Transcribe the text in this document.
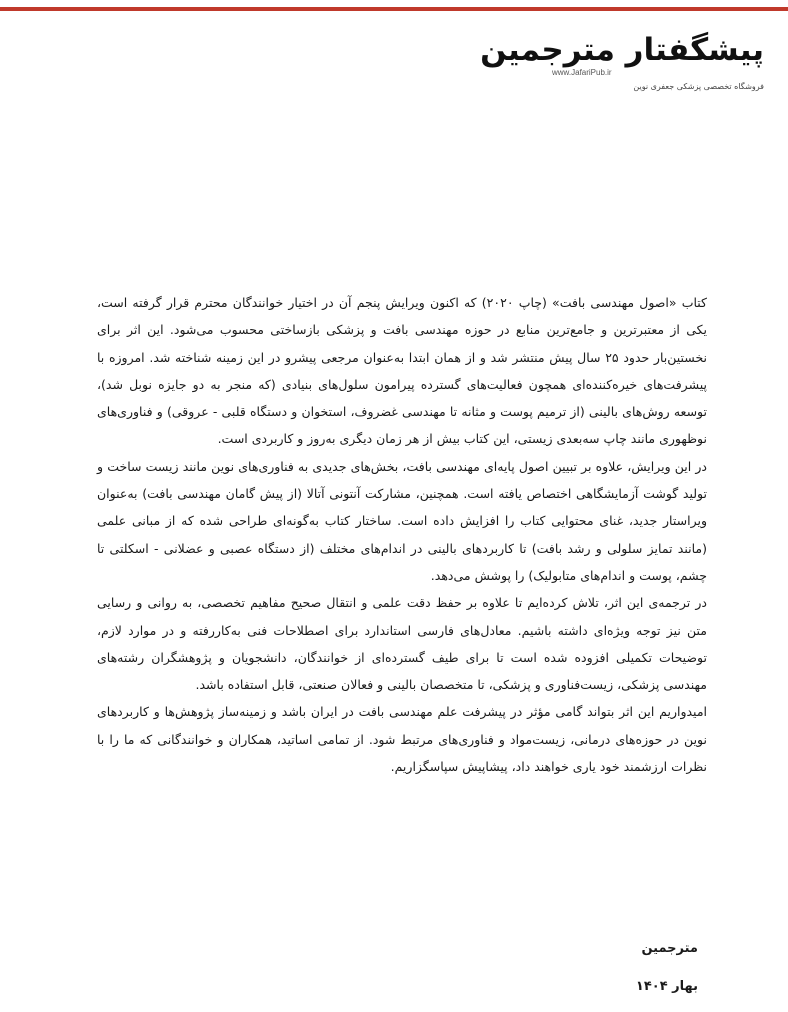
پیشگفتار مترجمین
www.JafariPub.ir
فروشگاه تخصصی پزشکی جعفری نوین

کتاب «اصول مهندسی بافت» (چاپ ۲۰۲۰) که اکنون ویرایش پنجم آن در اختیار خوانندگان محترم قرار گرفته است، یکی از معتبرترین و جامع‌ترین منابع در حوزه مهندسی بافت و پزشکی بازساختی محسوب می‌شود. این اثر برای نخستین‌بار حدود ۲۵ سال پیش منتشر شد و از همان ابتدا به‌عنوان مرجعی پیشرو در این زمینه شناخته شد. امروزه با پیشرفت‌های خیره‌کننده‌ای همچون فعالیت‌های گسترده پیرامون سلول‌های بنیادی (که منجر به دو جایزه نوبل شد)، توسعه روش‌های بالینی (از ترمیم پوست و مثانه تا مهندسی غضروف، استخوان و دستگاه قلبی - عروقی) و فناوری‌های نوظهوری مانند چاپ سه‌بعدی زیستی، این کتاب بیش از هر زمان دیگری به‌روز و کاربردی است.

در این ویرایش، علاوه بر تبیین اصول پایه‌ای مهندسی بافت، بخش‌های جدیدی به فناوری‌های نوین مانند زیست ساخت و تولید گوشت آزمایشگاهی اختصاص یافته است. همچنین، مشارکت آنتونی آتالا (از پیش گامان مهندسی بافت) به‌عنوان ویراستار جدید، غنای محتوایی کتاب را افزایش داده است. ساختار کتاب به‌گونه‌ای طراحی شده که از مبانی علمی (مانند تمایز سلولی و رشد بافت) تا کاربردهای بالینی در اندام‌های مختلف (از دستگاه عصبی و عضلانی - اسکلتی تا چشم، پوست و اندام‌های متابولیک) را پوشش می‌دهد.

در ترجمه‌ی این اثر، تلاش کرده‌ایم تا علاوه بر حفظ دقت علمی و انتقال صحیح مفاهیم تخصصی، به روانی و رسایی متن نیز توجه ویژه‌ای داشته باشیم. معادل‌های فارسی استاندارد برای اصطلاحات فنی به‌کاررفته و در موارد لازم، توضیحات تکمیلی افزوده شده است تا برای طیف گسترده‌ای از خوانندگان، دانشجویان و پژوهشگران رشته‌های مهندسی پزشکی، زیست‌فناوری و پزشکی، تا متخصصان بالینی و فعالان صنعتی، قابل استفاده باشد.

امیدواریم این اثر بتواند گامی مؤثر در پیشرفت علم مهندسی بافت در ایران باشد و زمینه‌ساز پژوهش‌ها و کاربردهای نوین در حوزه‌های درمانی، زیست‌مواد و فناوری‌های مرتبط شود. از تمامی اساتید، همکاران و خوانندگانی که ما را با نظرات ارزشمند خود یاری خواهند داد، پیشاپیش سپاسگزاریم.

مترجمین
بهار ۱۴۰۴
